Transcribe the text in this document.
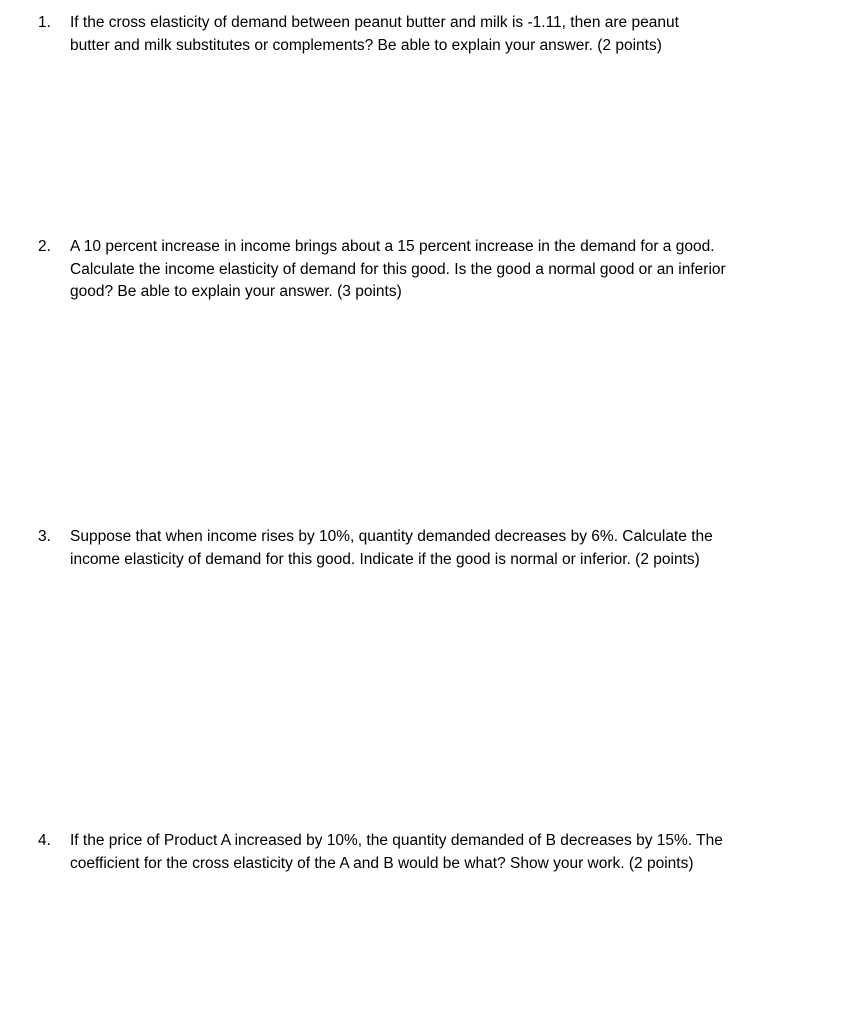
1.	If the cross elasticity of demand between peanut butter and milk is -1.11, then are peanut
butter and milk substitutes or complements? Be able to explain your answer. (2 points)
2.	A 10 percent increase in income brings about a 15 percent increase in the demand for a good.
Calculate the income elasticity of demand for this good. Is the good a normal good or an inferior
good? Be able to explain your answer. (3 points)
3.	Suppose that when income rises by 10%, quantity demanded decreases by 6%. Calculate the
income elasticity of demand for this good. Indicate if the good is normal or inferior. (2 points)
4.	If the price of Product A increased by 10%, the quantity demanded of B decreases by 15%. The
coefficient for the cross elasticity of the A and B would be what? Show your work. (2 points)
